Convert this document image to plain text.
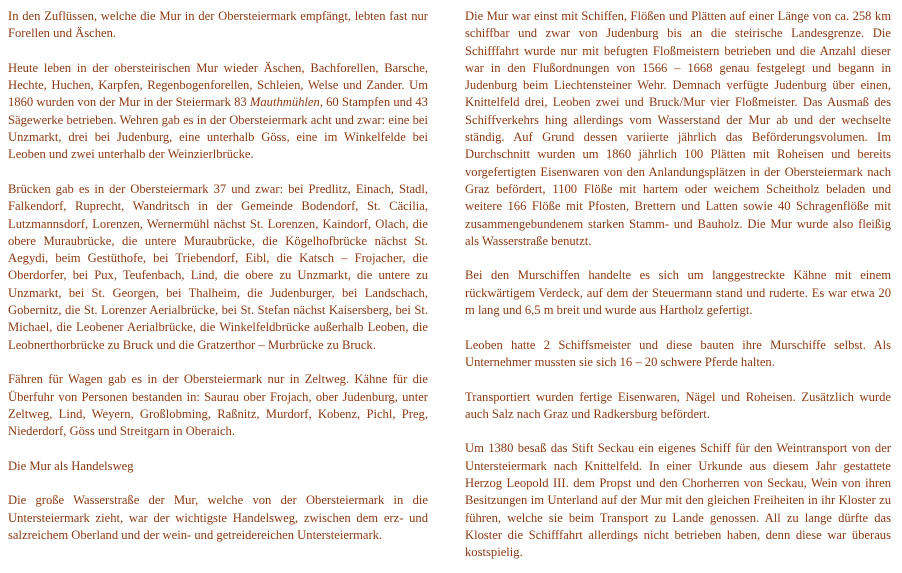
In den Zuflüssen, welche die Mur in der Obersteiermark empfängt, lebten fast nur Forellen und Äschen.

Heute leben in der obersteirischen Mur wieder Äschen, Bachforellen, Barsche, Hechte, Huchen, Karpfen, Regenbogenforellen, Schleien, Welse und Zander. Um 1860 wurden von der Mur in der Steiermark 83 Mauthmühlen, 60 Stampfen und 43 Sägewerke betrieben. Wehren gab es in der Obersteiermark acht und zwar: eine bei Unzmarkt, drei bei Judenburg, eine unterhalb Göss, eine im Winkelfelde bei Leoben und zwei unterhalb der Weinzierlbrücke.

Brücken gab es in der Obersteiermark 37 und zwar: bei Predlitz, Einach, Stadl, Falkendorf, Ruprecht, Wandritsch in der Gemeinde Bodendorf, St. Cäcilia, Lutzmannsdorf, Lorenzen, Wernermühl nächst St. Lorenzen, Kaindorf, Olach, die obere Muraubrücke, die untere Muraubrücke, die Kögelhofbrücke nächst St. Aegydi, beim Gestüthofe, bei Triebendorf, Eibl, die Katsch – Frojacher, die Oberdorfer, bei Pux, Teufenbach, Lind, die obere zu Unzmarkt, die untere zu Unzmarkt, bei St. Georgen, bei Thalheim, die Judenburger, bei Landschach, Gobernitz, die St. Lorenzer Aerialbrücke, bei St. Stefan nächst Kaisersberg, bei St. Michael, die Leobener Aerialbrücke, die Winkelfeldbrücke außerhalb Leoben, die Leobnerthorbrücke zu Bruck und die Gratzerthor – Murbrücke zu Bruck.

Fähren für Wagen gab es in der Obersteiermark nur in Zeltweg. Kähne für die Überfuhr von Personen bestanden in: Saurau ober Frojach, ober Judenburg, unter Zeltweg, Lind, Weyern, Großlobming, Raßnitz, Murdorf, Kobenz, Pichl, Preg, Niederdorf, Göss und Streitgarn in Oberaich.

Die Mur als Handelsweg

Die große Wasserstraße der Mur, welche von der Obersteiermark in die Untersteiermark zieht, war der wichtigste Handelsweg, zwischen dem erz- und salzreichem Oberland und der wein- und getreidereichen Untersteiermark.

Die Mur war einst mit Schiffen, Flößen und Plätten auf einer Länge von ca. 258 km schiffbar und zwar von Judenburg bis an die steirische Landesgrenze. Die Schifffahrt wurde nur mit befugten Floßmeistern betrieben und die Anzahl dieser war in den Flußordnungen von 1566 – 1668 genau festgelegt und begann in Judenburg beim Liechtensteiner Wehr. Demnach verfügte Judenburg über einen, Knittelfeld drei, Leoben zwei und Bruck/Mur vier Floßmeister. Das Ausmaß des Schiffverkehrs hing allerdings vom Wasserstand der Mur ab und der wechselte ständig. Auf Grund dessen variierte jährlich das Beförderungsvolumen. Im Durchschnitt wurden um 1860 jährlich 100 Plätten mit Roheisen und bereits vorgefertigten Eisenwaren von den Anlandungsplätzen in der Obersteiermark nach Graz befördert, 1100 Flöße mit hartem oder weichem Scheitholz beladen und weitere 166 Flöße mit Pfosten, Brettern und Latten sowie 40 Schragenflöße mit zusammengebundenem starken Stamm- und Bauholz. Die Mur wurde also fleißig als Wasserstraße benutzt.

Bei den Murschiffen handelte es sich um langgestreckte Kähne mit einem rückwärtigem Verdeck, auf dem der Steuermann stand und ruderte. Es war etwa 20 m lang und 6,5 m breit und wurde aus Hartholz gefertigt.

Leoben hatte 2 Schiffsmeister und diese bauten ihre Murschiffe selbst. Als Unternehmer mussten sie sich 16 – 20 schwere Pferde halten.

Transportiert wurden fertige Eisenwaren, Nägel und Roheisen. Zusätzlich wurde auch Salz nach Graz und Radkersburg befördert.

Um 1380 besaß das Stift Seckau ein eigenes Schiff für den Weintransport von der Untersteiermark nach Knittelfeld. In einer Urkunde aus diesem Jahr gestattete Herzog Leopold III. dem Propst und den Chorherren von Seckau, Wein von ihren Besitzungen im Unterland auf der Mur mit den gleichen Freiheiten in ihr Kloster zu führen, welche sie beim Transport zu Lande genossen. All zu lange dürfte das Kloster die Schifffahrt allerdings nicht betrieben haben, denn diese war überaus kostspielig.
